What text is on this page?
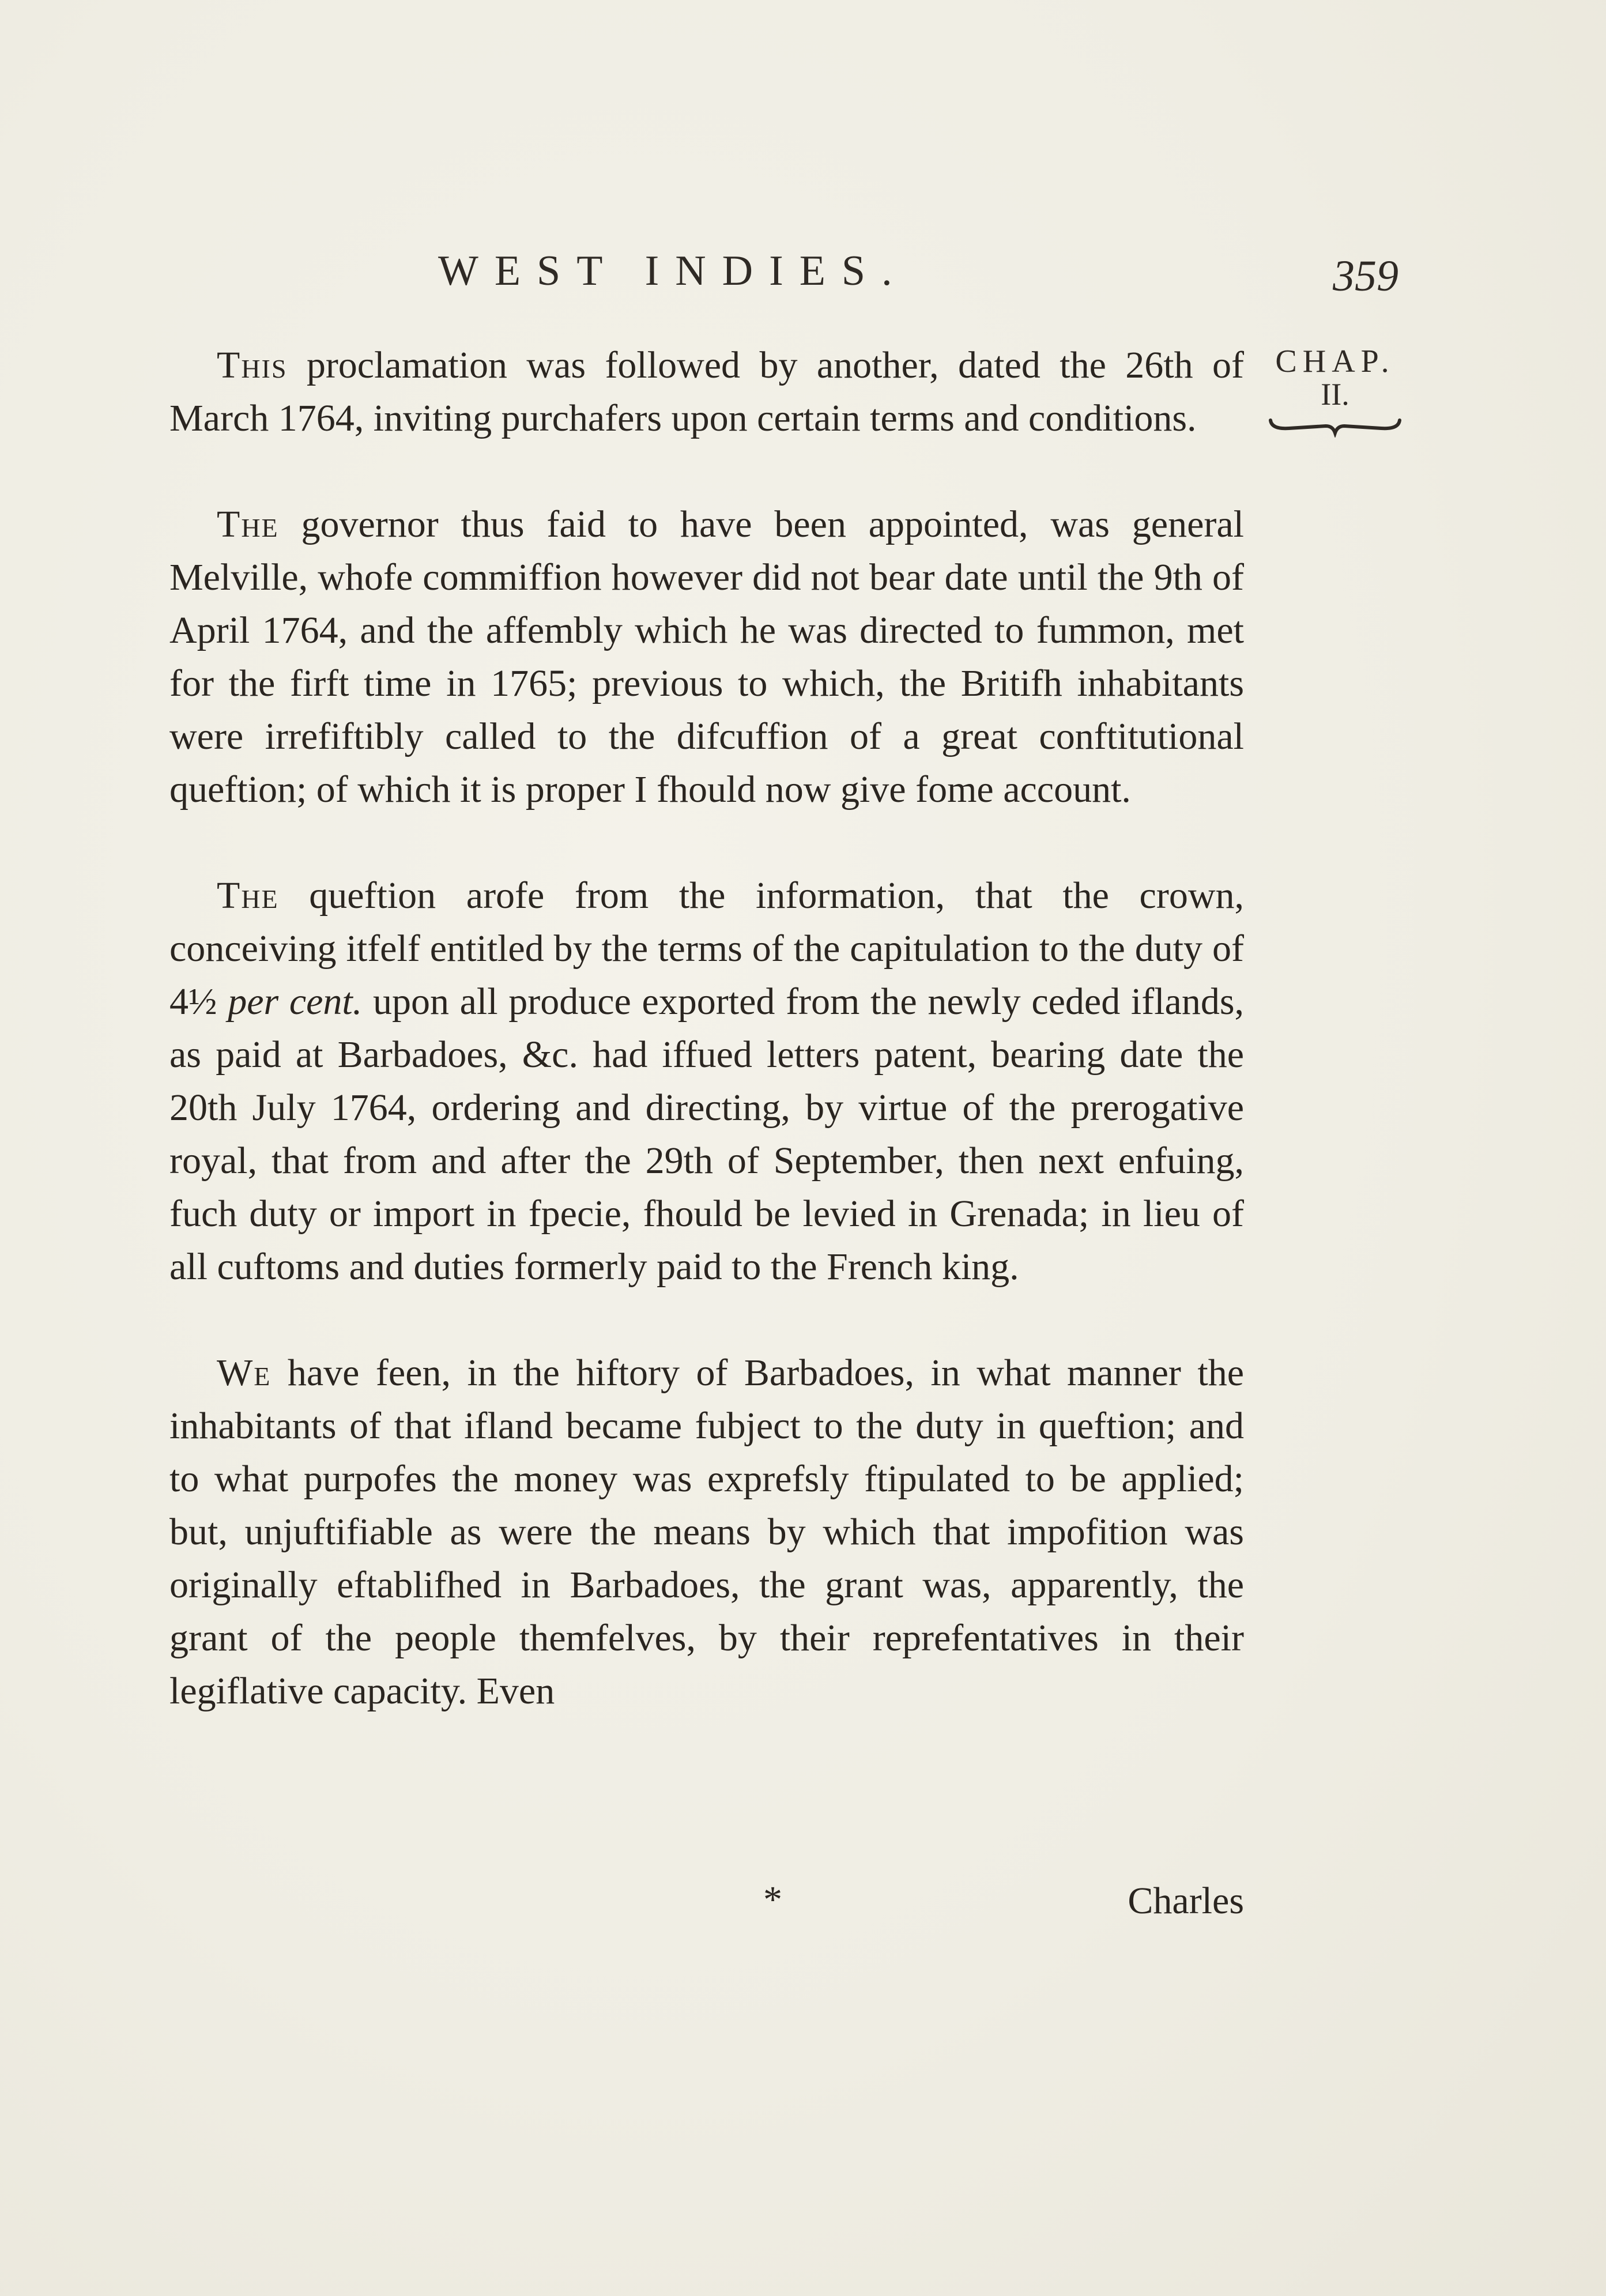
WEST INDIES.	359
CHAP.
II.

This proclamation was followed by another, dated the 26th of March 1764, inviting purchafers upon certain terms and conditions.

The governor thus faid to have been appointed, was general Melville, whofe commiffion however did not bear date until the 9th of April 1764, and the affembly which he was directed to fummon, met for the firft time in 1765; previous to which, the Britifh inhabitants were irrefiftibly called to the difcuffion of a great conftitutional queftion; of which it is proper I fhould now give fome account.

The queftion arofe from the information, that the crown, conceiving itfelf entitled by the terms of the capitulation to the duty of 4½ per cent. upon all produce exported from the newly ceded iflands, as paid at Barbadoes, &c. had iffued letters patent, bearing date the 20th July 1764, ordering and directing, by virtue of the prerogative royal, that from and after the 29th of September, then next enfuing, fuch duty or import in fpecie, fhould be levied in Grenada; in lieu of all cuftoms and duties formerly paid to the French king.

We have feen, in the hiftory of Barbadoes, in what manner the inhabitants of that ifland became fubject to the duty in queftion; and to what purpofes the money was exprefsly ftipulated to be applied; but, unjuftifiable as were the means by which that impofition was originally eftablifhed in Barbadoes, the grant was, apparently, the grant of the people themfelves, by their reprefentatives in their legiflative capacity. Even

*	Charles
